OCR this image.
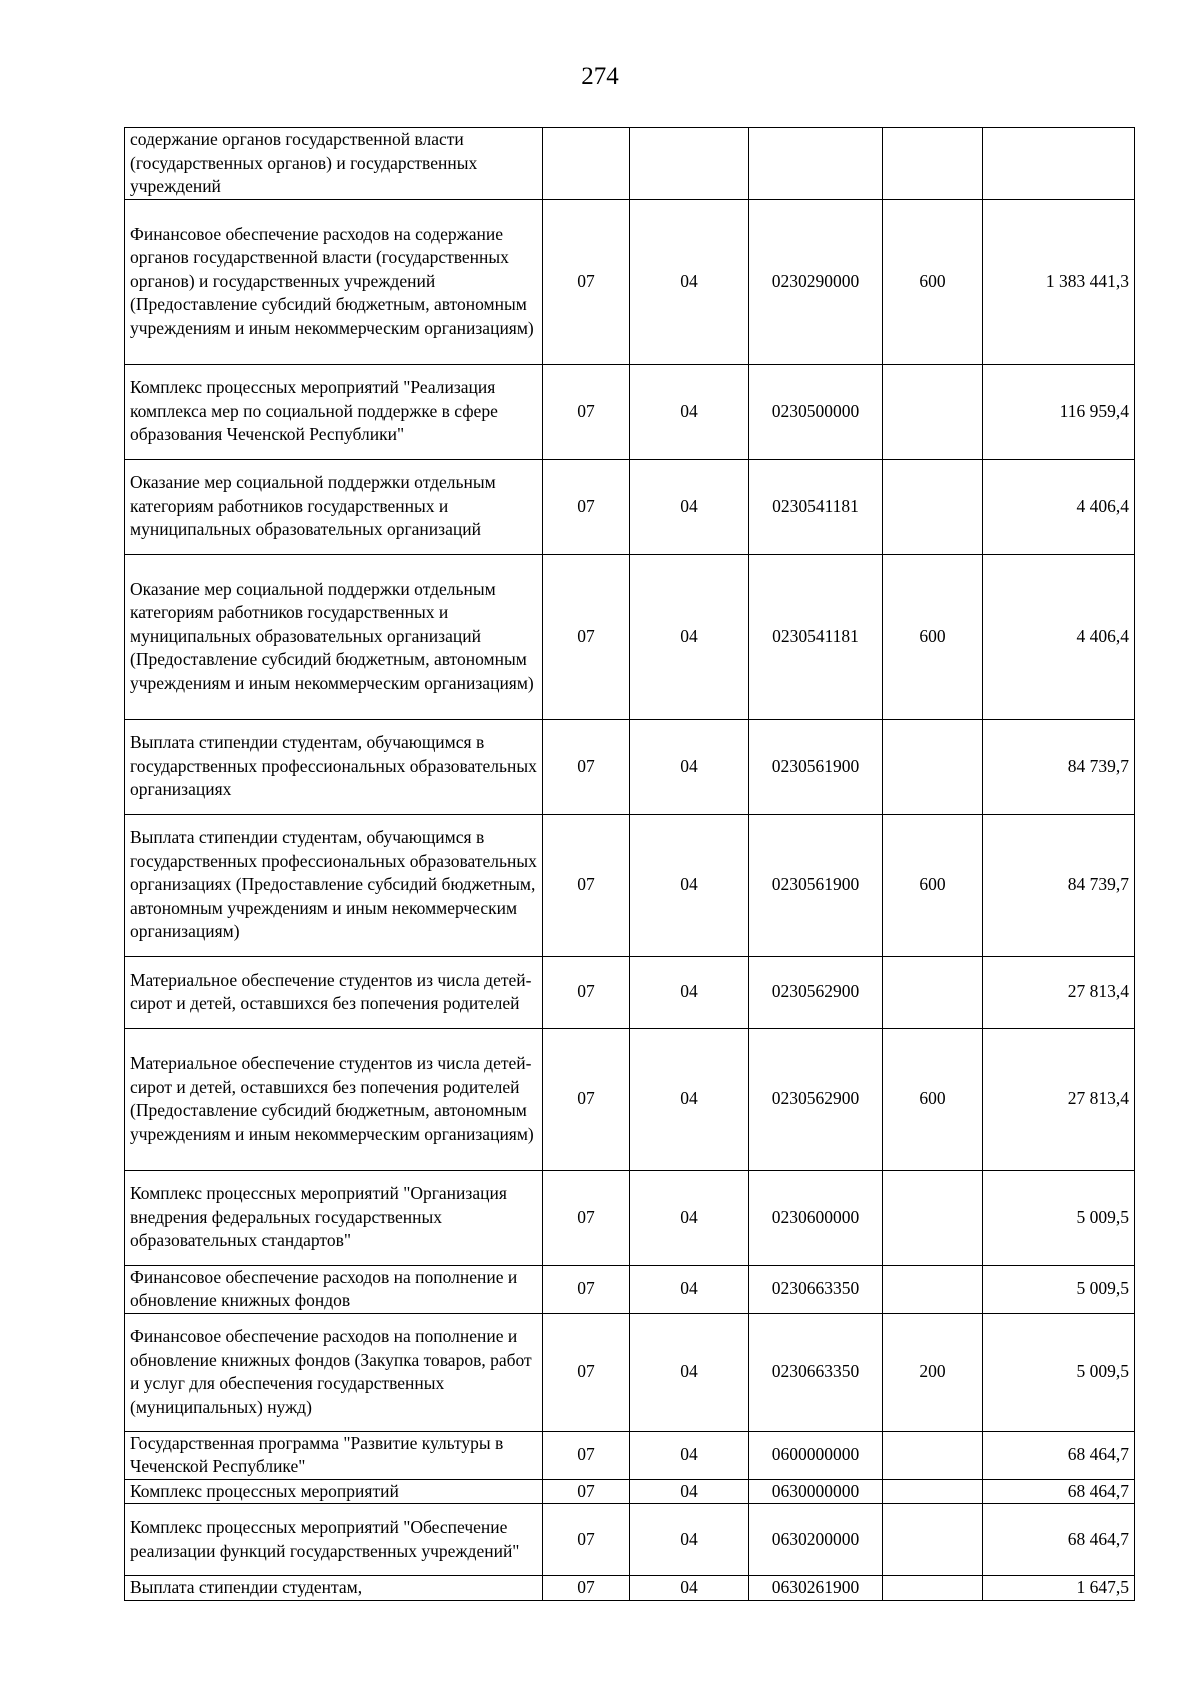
274
содержание органов государственной власти (государственных органов) и государственных учреждений					
Финансовое обеспечение расходов на содержание органов государственной власти (государственных органов) и государственных учреждений (Предоставление субсидий бюджетным, автономным учреждениям и иным некоммерческим организациям)	07	04	0230290000	600	1 383 441,3
Комплекс процессных мероприятий "Реализация комплекса мер по социальной поддержке в сфере образования Чеченской Республики"	07	04	0230500000		116 959,4
Оказание мер социальной поддержки отдельным категориям работников государственных и муниципальных образовательных организаций	07	04	0230541181		4 406,4
Оказание мер социальной поддержки отдельным категориям работников государственных и муниципальных образовательных организаций (Предоставление субсидий бюджетным, автономным учреждениям и иным некоммерческим организациям)	07	04	0230541181	600	4 406,4
Выплата стипендии студентам, обучающимся в государственных профессиональных образовательных организациях	07	04	0230561900		84 739,7
Выплата стипендии студентам, обучающимся в государственных профессиональных образовательных организациях (Предоставление субсидий бюджетным, автономным учреждениям и иным некоммерческим организациям)	07	04	0230561900	600	84 739,7
Материальное обеспечение студентов из числа детей-сирот и детей, оставшихся без попечения родителей	07	04	0230562900		27 813,4
Материальное обеспечение студентов из числа детей-сирот и детей, оставшихся без попечения родителей (Предоставление субсидий бюджетным, автономным учреждениям и иным некоммерческим организациям)	07	04	0230562900	600	27 813,4
Комплекс процессных мероприятий "Организация внедрения федеральных государственных образовательных стандартов"	07	04	0230600000		5 009,5
Финансовое обеспечение расходов на пополнение и обновление книжных фондов	07	04	0230663350		5 009,5
Финансовое обеспечение расходов на пополнение и обновление книжных фондов (Закупка товаров, работ и услуг для обеспечения государственных (муниципальных) нужд)	07	04	0230663350	200	5 009,5
Государственная программа "Развитие культуры в Чеченской Республике"	07	04	0600000000		68 464,7
Комплекс процессных мероприятий	07	04	0630000000		68 464,7
Комплекс процессных мероприятий "Обеспечение реализации функций государственных учреждений"	07	04	0630200000		68 464,7
Выплата стипендии студентам,	07	04	0630261900		1 647,5
